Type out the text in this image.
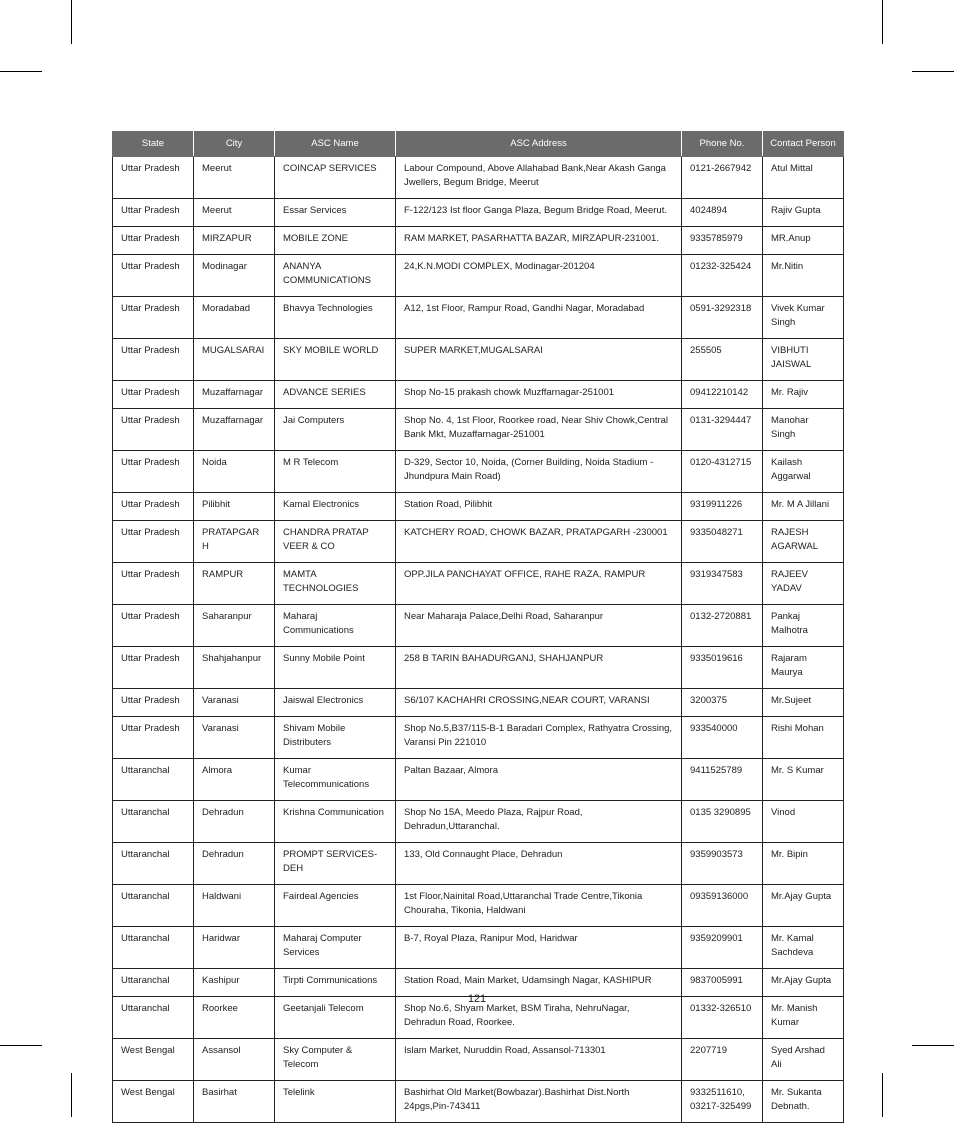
State	City	ASC Name	ASC Address	Phone No.	Contact Person
Uttar Pradesh	Meerut	COINCAP SERVICES	Labour Compound, Above Allahabad Bank,Near Akash Ganga Jwellers, Begum Bridge, Meerut	0121-2667942	Atul Mittal
Uttar Pradesh	Meerut	Essar Services	F-122/123 Ist floor Ganga Plaza, Begum Bridge Road, Meerut.	4024894	Rajiv Gupta
Uttar Pradesh	MIRZAPUR	MOBILE ZONE	RAM MARKET, PASARHATTA BAZAR, MIRZAPUR-231001.	9335785979	MR.Anup
Uttar Pradesh	Modinagar	ANANYA COMMUNICATIONS	24,K.N.MODI COMPLEX, Modinagar-201204	01232-325424	Mr.Nitin
Uttar Pradesh	Moradabad	Bhavya Technologies	A12, 1st Floor, Rampur Road, Gandhi Nagar, Moradabad	0591-3292318	Vivek Kumar Singh
Uttar Pradesh	MUGALSARAI	SKY MOBILE WORLD	SUPER MARKET,MUGALSARAI	255505	VIBHUTI JAISWAL
Uttar Pradesh	Muzaffarnagar	ADVANCE SERIES	Shop No-15 prakash chowk Muzffarnagar-251001	09412210142	Mr. Rajiv
Uttar Pradesh	Muzaffarnagar	Jai Computers	Shop No. 4, 1st Floor, Roorkee road, Near Shiv Chowk,Central Bank Mkt, Muzaffarnagar-251001	0131-3294447	Manohar Singh
Uttar Pradesh	Noida	M R Telecom	D-329, Sector 10, Noida, (Corner Building, Noida Stadium - Jhundpura Main Road)	0120-4312715	Kailash Aggarwal
Uttar Pradesh	Pilibhit	Kamal Electronics	Station Road, Pilibhit	9319911226	Mr. M A Jillani
Uttar Pradesh	PRATAPGARH	CHANDRA PRATAP VEER & CO	KATCHERY ROAD, CHOWK BAZAR, PRATAPGARH -230001	9335048271	RAJESH AGARWAL
Uttar Pradesh	RAMPUR	MAMTA TECHNOLOGIES	OPP.JILA PANCHAYAT OFFICE, RAHE RAZA, RAMPUR	9319347583	RAJEEV YADAV
Uttar Pradesh	Saharanpur	Maharaj Communications	Near Maharaja Palace,Delhi Road, Saharanpur	0132-2720881	Pankaj Malhotra
Uttar Pradesh	Shahjahanpur	Sunny Mobile Point	258 B TARIN BAHADURGANJ, SHAHJANPUR	9335019616	Rajaram Maurya
Uttar Pradesh	Varanasi	Jaiswal Electronics	S6/107 KACHAHRI CROSSING,NEAR COURT, VARANSI	3200375	Mr.Sujeet
Uttar Pradesh	Varanasi	Shivam Mobile Distributers	Shop No.5,B37/115-B-1 Baradari Complex, Rathyatra Crossing, Varansi Pin 221010	933540000	Rishi Mohan
Uttaranchal	Almora	Kumar Telecommunications	Paltan Bazaar, Almora	9411525789	Mr. S Kumar
Uttaranchal	Dehradun	Krishna Communication	Shop No 15A, Meedo Plaza, Rajpur Road, Dehradun,Uttaranchal.	0135 3290895	Vinod
Uttaranchal	Dehradun	PROMPT SERVICES-DEH	133, Old Connaught Place, Dehradun	9359903573	Mr. Bipin
Uttaranchal	Haldwani	Fairdeal Agencies	1st Floor,Nainital Road,Uttaranchal Trade Centre,Tikonia Chouraha, Tikonia, Haldwani	09359136000	Mr.Ajay Gupta
Uttaranchal	Haridwar	Maharaj Computer Services	B-7, Royal Plaza, Ranipur Mod, Haridwar	9359209901	Mr. Kamal Sachdeva
Uttaranchal	Kashipur	Tirpti Communications	Station Road, Main Market, Udamsingh Nagar, KASHIPUR	9837005991	Mr.Ajay Gupta
Uttaranchal	Roorkee	Geetanjali Telecom	Shop No.6, Shyam Market, BSM Tiraha, NehruNagar, Dehradun Road, Roorkee.	01332-326510	Mr. Manish Kumar
West Bengal	Assansol	Sky Computer & Telecom	Islam Market, Nuruddin Road, Assansol-713301	2207719	Syed Arshad Ali
West Bengal	Basirhat	Telelink	Bashirhat Old Market(Bowbazar).Bashirhat Dist.North 24pgs,Pin-743411	9332511610, 03217-325499	Mr. Sukanta Debnath.
121
